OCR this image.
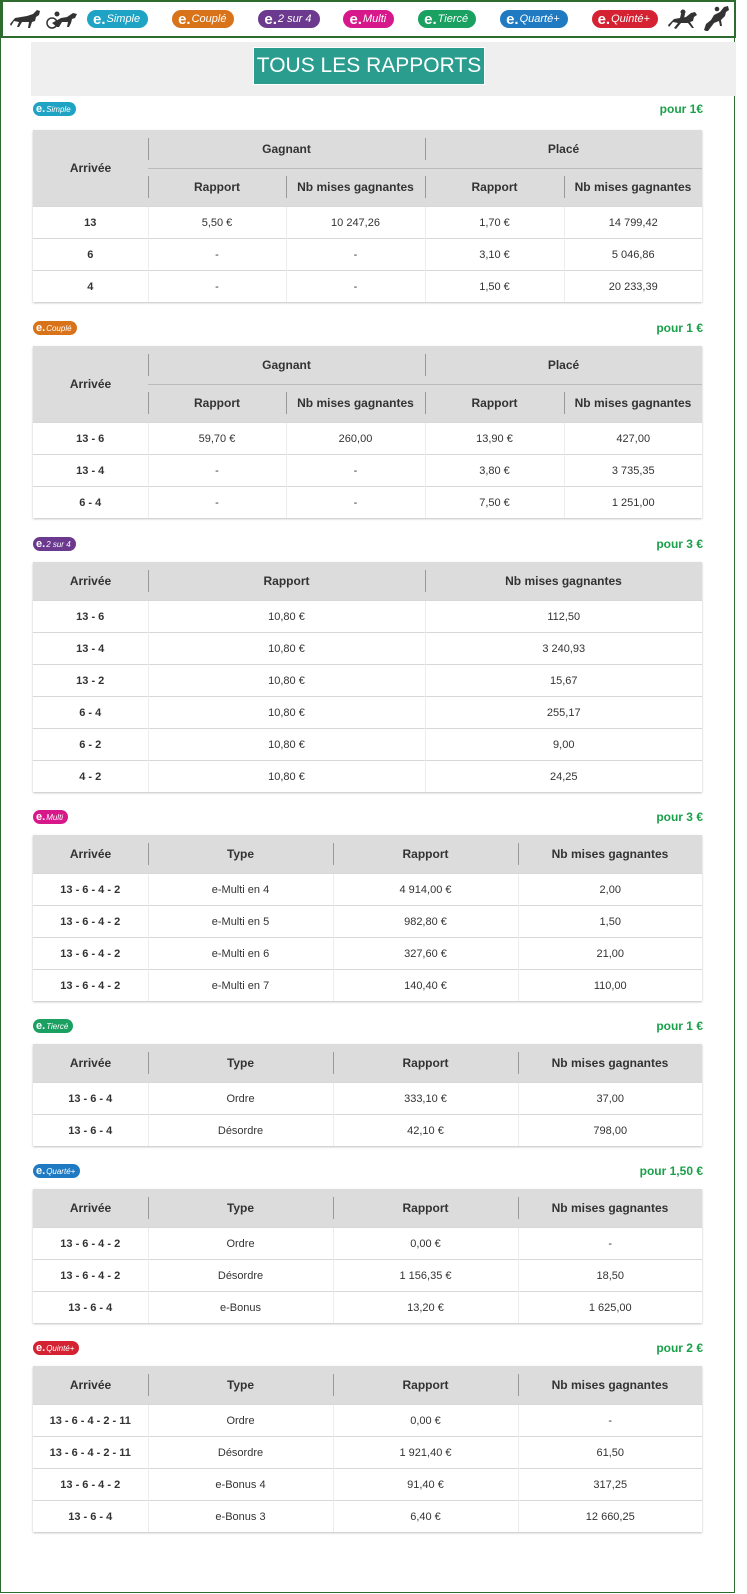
e. Simple	e. Couplé	e. 2 sur 4	e. Multi	e. Tiercé	e. Quarté+	e. Quinté+
TOUS LES RAPPORTS
e. Simple	pour 1€
Arrivée	Gagnant		Placé	

Rapport	Nb mises gagnantes	Rapport	Nb mises gagnantes
13	5,50 €	10 247,26	1,70 €	14 799,42
6	-	-	3,10 €	5 046,86
4	-	-	1,50 €	20 233,39
e. Couplé	pour 1 €
Arrivée	Gagnant		Placé	

Rapport	Nb mises gagnantes	Rapport	Nb mises gagnantes
13 - 6	59,70 €	260,00	13,90 €	427,00
13 - 4	-	-	3,80 €	3 735,35
6 - 4	-	-	7,50 €	1 251,00
e. 2 sur 4	pour 3 €
Arrivée	Rapport	Nb mises gagnantes
13 - 6	10,80 €	112,50
13 - 4	10,80 €	3 240,93
13 - 2	10,80 €	15,67
6 - 4	10,80 €	255,17
6 - 2	10,80 €	9,00
4 - 2	10,80 €	24,25
e. Multi	pour 3 €
Arrivée	Type	Rapport	Nb mises gagnantes
13 - 6 - 4 - 2	e-Multi en 4	4 914,00 €	2,00
13 - 6 - 4 - 2	e-Multi en 5	982,80 €	1,50
13 - 6 - 4 - 2	e-Multi en 6	327,60 €	21,00
13 - 6 - 4 - 2	e-Multi en 7	140,40 €	110,00
e. Tiercé	pour 1 €
Arrivée	Type	Rapport	Nb mises gagnantes
13 - 6 - 4	Ordre	333,10 €	37,00
13 - 6 - 4	Désordre	42,10 €	798,00
e. Quarté+	pour 1,50 €
Arrivée	Type	Rapport	Nb mises gagnantes
13 - 6 - 4 - 2	Ordre	0,00 €	-
13 - 6 - 4 - 2	Désordre	1 156,35 €	18,50
13 - 6 - 4	e-Bonus	13,20 €	1 625,00
e. Quinté+	pour 2 €
Arrivée	Type	Rapport	Nb mises gagnantes
13 - 6 - 4 - 2 - 11	Ordre	0,00 €	-
13 - 6 - 4 - 2 - 11	Désordre	1 921,40 €	61,50
13 - 6 - 4 - 2	e-Bonus 4	91,40 €	317,25
13 - 6 - 4	e-Bonus 3	6,40 €	12 660,25
